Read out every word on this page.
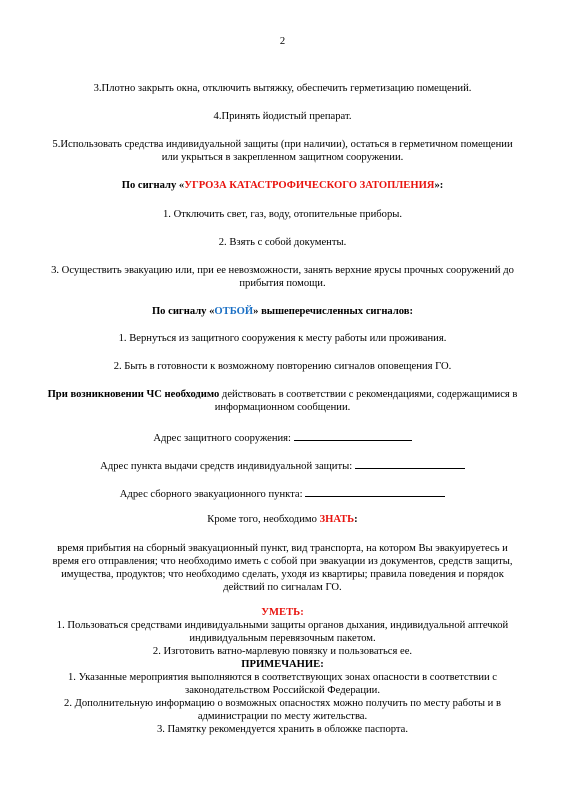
2
3.Плотно закрыть окна, отключить вытяжку, обеспечить герметизацию помещений.
4.Принять йодистый препарат.
5.Использовать средства индивидуальной защиты (при наличии), остаться в герметичном помещении
или укрыться в закрепленном защитном сооружении.
По сигналу «УГРОЗА КАТАСТРОФИЧЕСКОГО ЗАТОПЛЕНИЯ»:
1. Отключить свет, газ, воду, отопительные приборы.
2. Взять с собой документы.
3. Осуществить эвакуацию или, при ее невозможности, занять верхние ярусы прочных сооружений до
прибытия помощи.
По сигналу «ОТБОЙ» вышеперечисленных сигналов:
1. Вернуться из защитного сооружения к месту работы или проживания.
2. Быть в готовности к возможному повторению сигналов оповещения ГО.
При возникновении ЧС необходимо действовать в соответствии с рекомендациями, содержащимися в
информационном сообщении.
Адрес защитного сооружения:
Адрес пункта выдачи средств индивидуальной защиты:
Адрес сборного эвакуационного пункта:
Кроме того, необходимо ЗНАТЬ:
время прибытия на сборный эвакуационный пункт, вид транспорта, на котором Вы эвакуируетесь и
время его отправления; что необходимо иметь с собой при эвакуации из документов, средств защиты,
имущества, продуктов; что необходимо сделать, уходя из квартиры; правила поведения и порядок
действий по сигналам ГО.
УМЕТЬ:
1. Пользоваться средствами индивидуальными защиты органов дыхания, индивидуальной аптечкой
индивидуальным перевязочным пакетом.
2. Изготовить ватно-марлевую повязку и пользоваться ее.
ПРИМЕЧАНИЕ:
1. Указанные мероприятия выполняются в соответствующих зонах опасности в соответствии с
законодательством Российской Федерации.
2. Дополнительную информацию о возможных опасностях можно получить по месту работы и в
администрации по месту жительства.
3. Памятку рекомендуется хранить в обложке паспорта.
